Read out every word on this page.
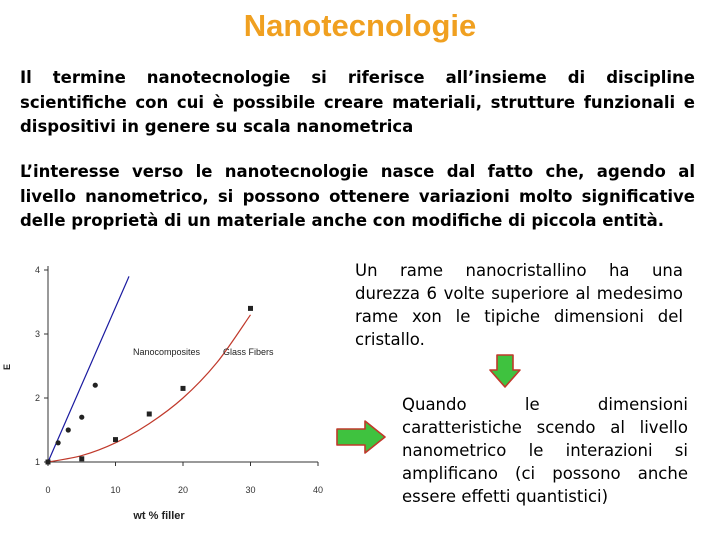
Nanotecnologie
Il termine nanotecnologie si riferisce all’insieme di discipline scientifiche con cui è possibile creare materiali, strutture funzionali e dispositivi in genere su scala nanometrica
L’interesse verso le nanotecnologie nasce dal fatto che, agendo al livello nanometrico, si possono ottenere variazioni molto significative delle proprietà di un materiale anche con modifiche di piccola entità.
0	10	20	30	40
1
2
3
4
wt % filler
E
Nanocomposites	Glass Fibers
Un rame nanocristallino ha una durezza 6 volte superiore al medesimo rame xon le tipiche dimensioni del cristallo.
Quando le dimensioni caratteristiche scendo al livello nanometrico le interazioni si amplificano (ci possono anche essere effetti quantistici)
